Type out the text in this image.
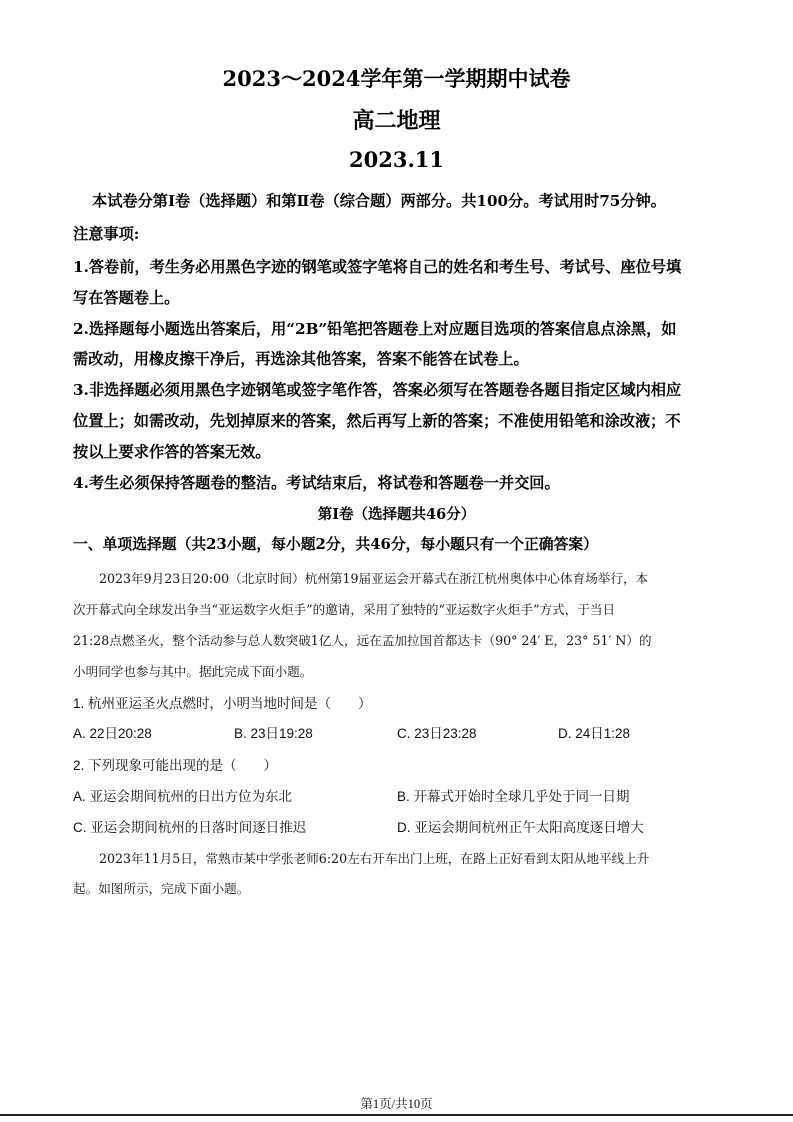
2023～2024学年第一学期期中试卷
高二地理
2023.11
本试卷分第Ⅰ卷（选择题）和第Ⅱ卷（综合题）两部分。共100分。考试用时75分钟。
注意事项:
1.答卷前，考生务必用黑色字迹的钢笔或签字笔将自己的姓名和考生号、考试号、座位号填
写在答题卷上。
2.选择题每小题选出答案后，用“2B”铅笔把答题卷上对应题目选项的答案信息点涂黑，如
需改动，用橡皮擦干净后，再选涂其他答案，答案不能答在试卷上。
3.非选择题必须用黑色字迹钢笔或签字笔作答，答案必须写在答题卷各题目指定区域内相应
位置上；如需改动，先划掉原来的答案，然后再写上新的答案；不准使用铅笔和涂改液；不
按以上要求作答的答案无效。
4.考生必须保持答题卷的整洁。考试结束后，将试卷和答题卷一并交回。
第Ⅰ卷（选择题共46分）
一、单项选择题（共23小题，每小题2分，共46分，每小题只有一个正确答案）
2023年9月23日20:00（北京时间）杭州第19届亚运会开幕式在浙江杭州奥体中心体育场举行，本
次开幕式向全球发出争当“亚运数字火炬手”的邀请，采用了独特的“亚运数字火炬手”方式，于当日
21:28点燃圣火，整个活动参与总人数突破1亿人，远在孟加拉国首都达卡（90° 24′ E，23° 51′ N）的
小明同学也参与其中。据此完成下面小题。
1. 杭州亚运圣火点燃时，小明当地时间是（　　）
A. 22日20:28	B. 23日19:28	C. 23日23:28	D. 24日1:28
2. 下列现象可能出现的是（　　）
A. 亚运会期间杭州的日出方位为东北	B. 开幕式开始时全球几乎处于同一日期
C. 亚运会期间杭州的日落时间逐日推迟	D. 亚运会期间杭州正午太阳高度逐日增大
2023年11月5日，常熟市某中学张老师6:20左右开车出门上班，在路上正好看到太阳从地平线上升
起。如图所示，完成下面小题。
第1页/共10页
